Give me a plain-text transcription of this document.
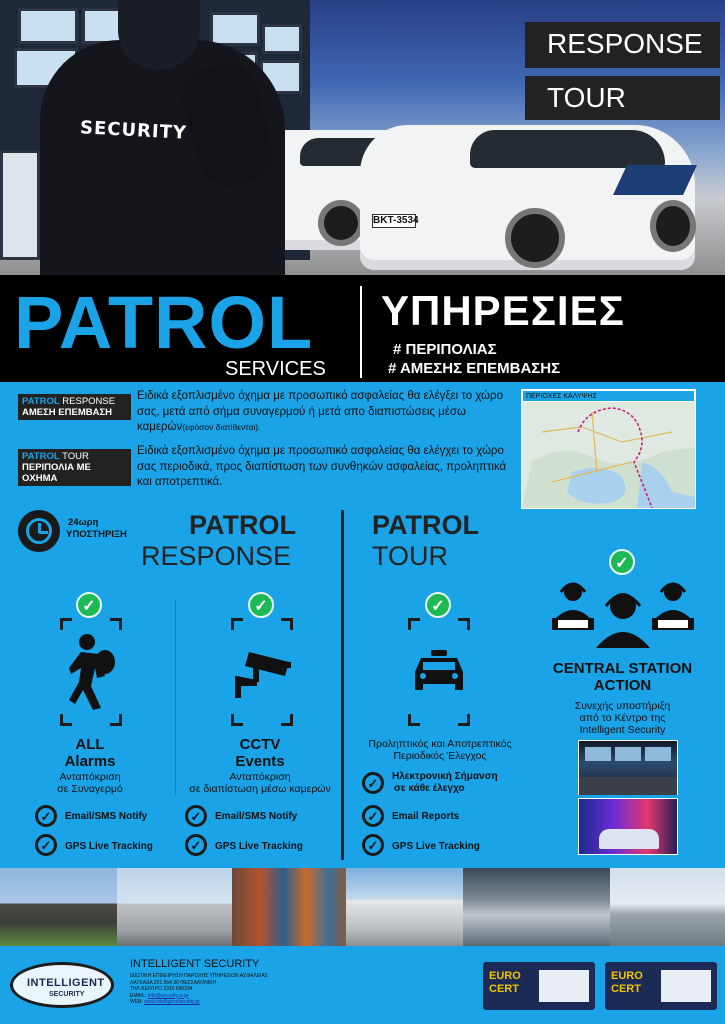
ΒΚΤ-3534
SECURITY
RESPONSE
TOUR
PATROL
SERVICES
ΥΠΗΡΕΣΙΕΣ
# ΠΕΡΙΠΟΛΙΑΣ
# ΑΜΕΣΗΣ ΕΠΕΜΒΑΣΗΣ
PATROL RESPONSE
ΑΜΕΣΗ ΕΠΕΜΒΑΣΗ
Ειδικά εξοπλισμένο όχημα με προσωπικό ασφαλείας θα ελέγξει το χώρο σας, μετά από σήμα συναγερμού ή μετά απο διαπιστώσεις μέσω καμερών(εφόσον διατίθενται).
PATROL TOUR
ΠΕΡΙΠΟΛΙΑ ΜΕ ΟΧΗΜΑ
Ειδικά εξοπλισμένο όχημα με προσωπικό ασφαλείας θα ελέγχει το χώρο σας περιοδικά, προς διαπίστωση των συνθηκών ασφαλείας, προληπτικά και αποτρεπτικά.
ΠΕΡΙΟΧΕΣ ΚΑΛΥΨΗΣ
24ωρη
ΥΠΟΣΤΗΡΙΞΗ PATROL
RESPONSE
✓
ALL
Alarms
Ανταπόκριση
σε Συναγερμό
✓
CCTV
Events
Ανταπόκριση
σε διαπίστωση μέσω καμερών
✓	Email/SMS Notify
✓	GPS Live Tracking
✓	Email/SMS Notify
✓	GPS Live Tracking
PATROL
TOUR
✓
Προληπτικός και Αποτρεπτικός
Περιοδικός Έλεγχος
✓	Ηλεκτρονική Σήμανση
σε κάθε έλεγχο
✓	Email Reports
✓	GPS Live Tracking
✓
CENTRAL STATION
ACTION
Συνεχής υποστήριξη
από το Κέντρο της
Intelligent Security
INTELLIGENT
SECURITY
INTELLIGENT SECURITY
ΙΔΙΩΤΙΚΗ ΕΠΙΧΕΙΡΗΣΗ ΠΑΡΟΧΗΣ ΥΠΗΡΕΣΙΩΝ ΑΣΦΑΛΕΙΑΣ
ΛΑΓΚΑΔΑ 201 564 30 ΘΕΣΣΑΛΟΝΙΚΗ
ΤΗΛ.ΚΕΝΤΡΟ 2310 686334
EMAIL: info@security.is.gr
WEB: www.intelligentsecurity.gr
EURO
CERT
EURO
CERT
